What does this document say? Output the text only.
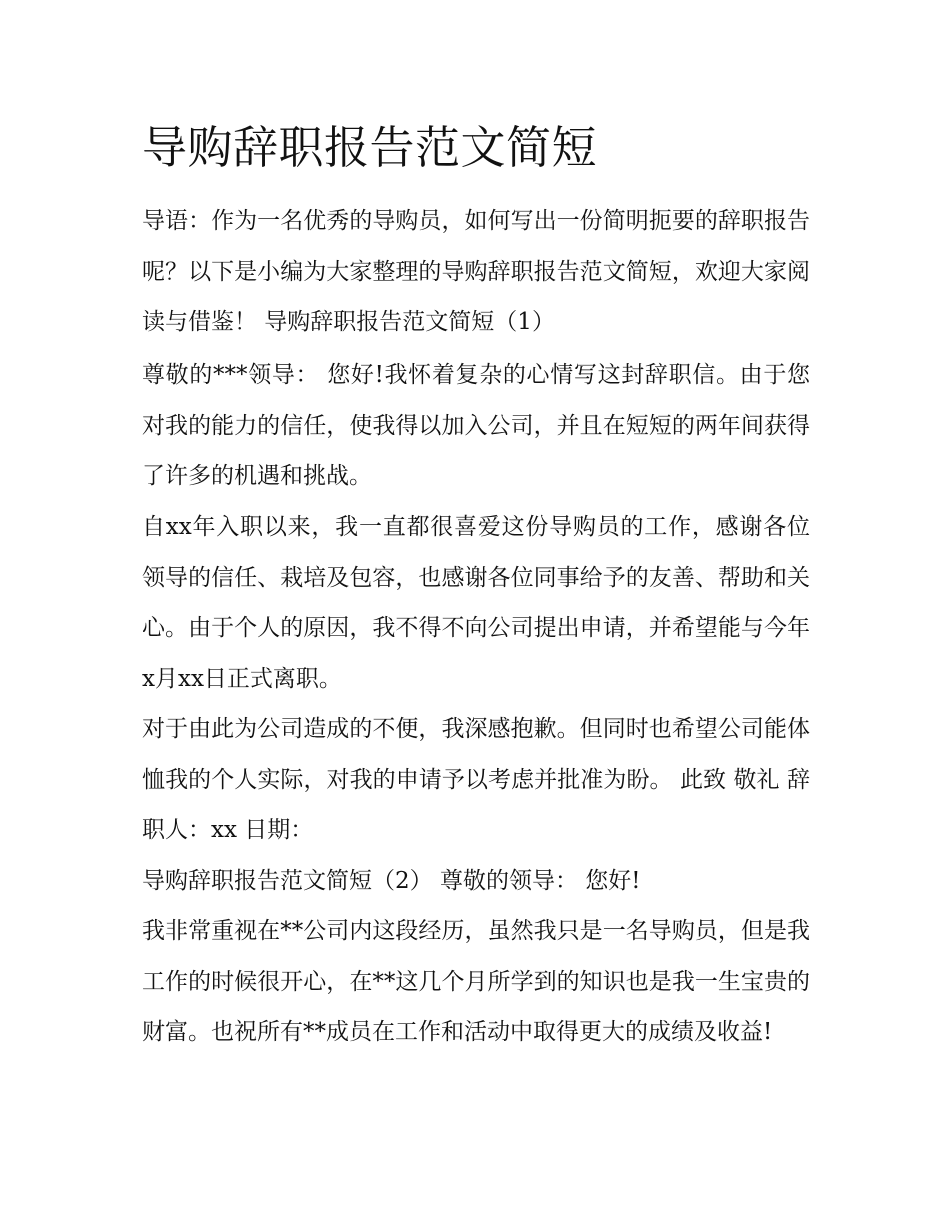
导购辞职报告范文简短

导语：作为一名优秀的导购员，如何写出一份简明扼要的辞职报告呢？以下是小编为大家整理的导购辞职报告范文简短，欢迎大家阅读与借鉴！ 导购辞职报告范文简短（1）

尊敬的***领导： 您好!我怀着复杂的心情写这封辞职信。由于您对我的能力的信任，使我得以加入公司，并且在短短的两年间获得了许多的机遇和挑战。

自xx年入职以来，我一直都很喜爱这份导购员的工作，感谢各位领导的信任、栽培及包容，也感谢各位同事给予的友善、帮助和关心。由于个人的原因，我不得不向公司提出申请，并希望能与今年x月xx日正式离职。

对于由此为公司造成的不便，我深感抱歉。但同时也希望公司能体恤我的个人实际，对我的申请予以考虑并批准为盼。 此致 敬礼 辞职人：xx 日期：

导购辞职报告范文简短（2） 尊敬的领导： 您好!

我非常重视在**公司内这段经历，虽然我只是一名导购员，但是我工作的时候很开心，在**这几个月所学到的知识也是我一生宝贵的财富。也祝所有**成员在工作和活动中取得更大的成绩及收益!
